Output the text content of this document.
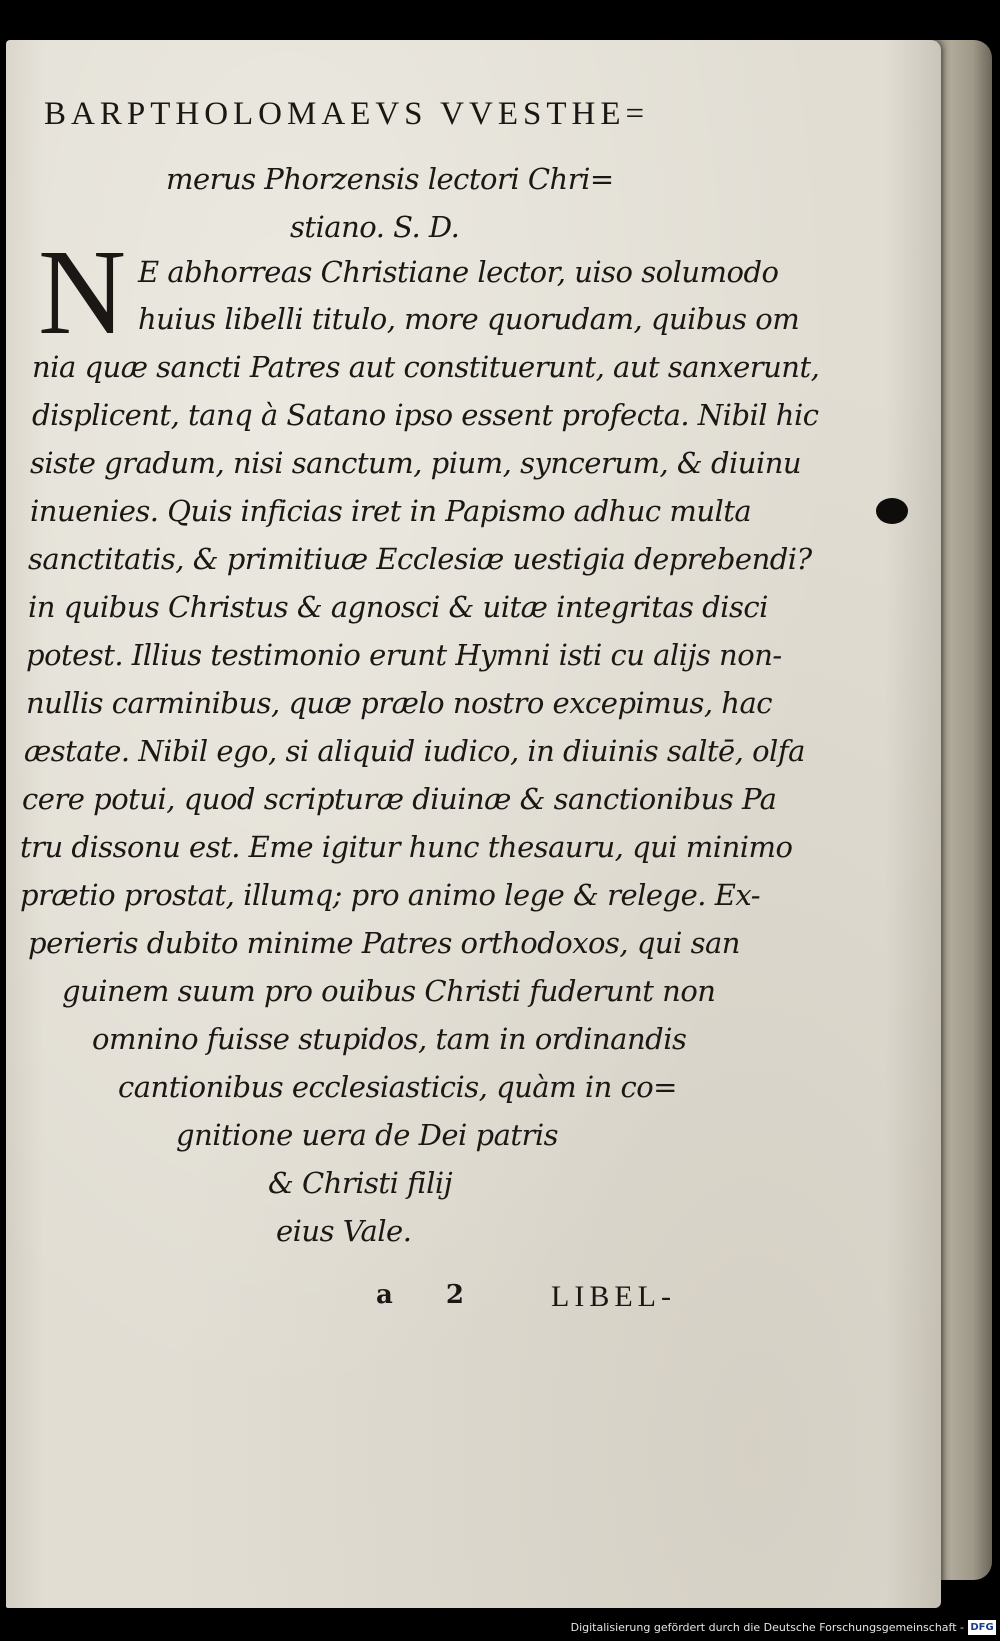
BARPTHOLOMAEVS VVESTHE=
N
merus Phorzensis lectori Chri=
stiano. S. D.
E abhorreas Christiane lector, uiso solumodo
huius libelli titulo, more quorudam, quibus om
nia quæ sancti Patres aut constituerunt, aut sanxerunt,
displicent, tanq à Satano ipso essent profecta. Nibil hic
siste gradum, nisi sanctum, pium, syncerum, & diuinu
inuenies. Quis inficias iret in Papismo adhuc multa
sanctitatis, & primitiuæ Ecclesiæ uestigia deprebendi?
in quibus Christus & agnosci & uitæ integritas disci
potest. Illius testimonio erunt Hymni isti cu alijs non-
nullis carminibus, quæ prælo nostro excepimus, hac
æstate. Nibil ego, si aliquid iudico, in diuinis saltē, olfa
cere potui, quod scripturæ diuinæ & sanctionibus Pa
tru dissonu est. Eme igitur hunc thesauru, qui minimo
prætio prostat, illumq; pro animo lege & relege. Ex-
perieris dubito minime Patres orthodoxos, qui san
guinem suum pro ouibus Christi fuderunt non
omnino fuisse stupidos, tam in ordinandis
cantionibus ecclesiasticis, quàm in co=
gnitione uera de Dei patris
& Christi filij
eius Vale.
a 2 LIBEL-
Digitalisierung gefördert durch die Deutsche Forschungsgemeinschaft - DFG
